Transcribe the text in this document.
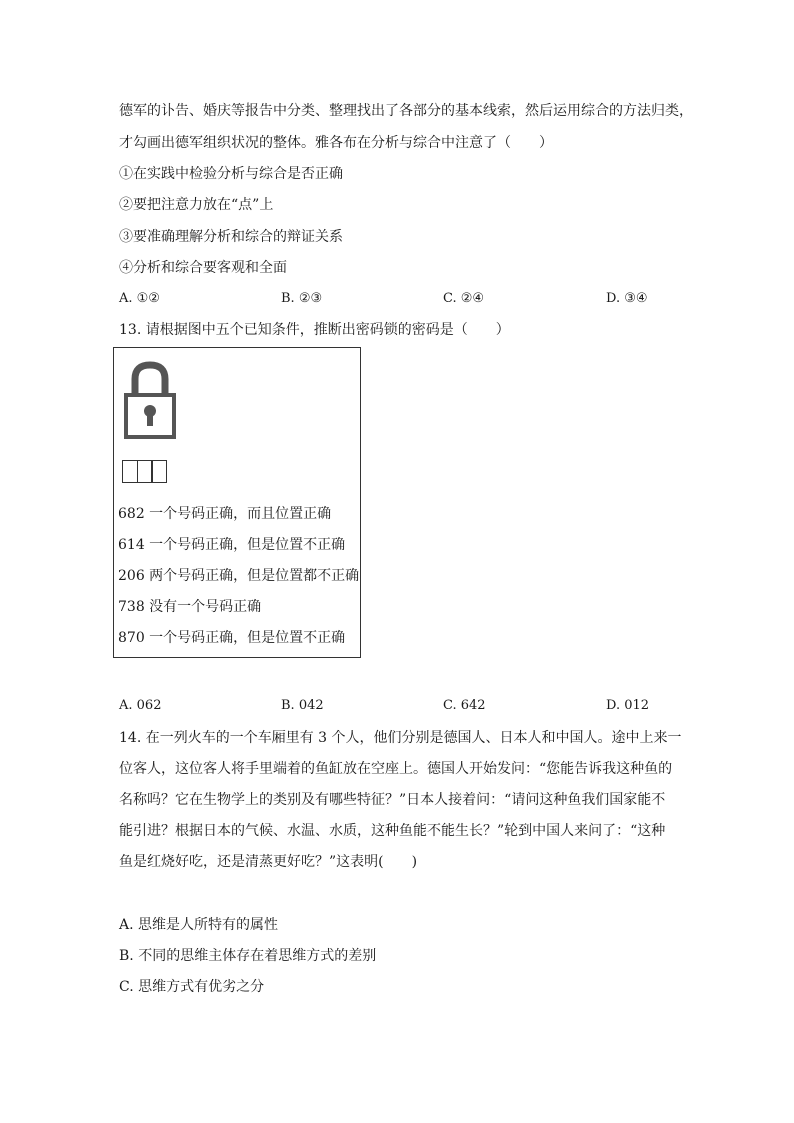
德军的讣告、婚庆等报告中分类、整理找出了各部分的基本线索，然后运用综合的方法归类，
才勾画出德军组织状况的整体。雅各布在分析与综合中注意了（　　）
①在实践中检验分析与综合是否正确
②要把注意力放在“点”上
③要准确理解分析和综合的辩证关系
④分析和综合要客观和全面
A. ①②	B. ②③	C. ②④	D. ③④
13. 请根据图中五个已知条件，推断出密码锁的密码是（　　）
682 一个号码正确，而且位置正确
614 一个号码正确，但是位置不正确
206 两个号码正确，但是位置都不正确
738 没有一个号码正确
870 一个号码正确，但是位置不正确
A. 062	B. 042	C. 642	D. 012
14. 在一列火车的一个车厢里有 3 个人，他们分别是德国人、日本人和中国人。途中上来一
位客人，这位客人将手里端着的鱼缸放在空座上。德国人开始发问：“您能告诉我这种鱼的
名称吗？它在生物学上的类别及有哪些特征？”日本人接着问：“请问这种鱼我们国家能不
能引进？根据日本的气候、水温、水质，这种鱼能不能生长？”轮到中国人来问了：“这种
鱼是红烧好吃，还是清蒸更好吃？”这表明(　　)
A. 思维是人所特有的属性
B. 不同的思维主体存在着思维方式的差别
C. 思维方式有优劣之分
